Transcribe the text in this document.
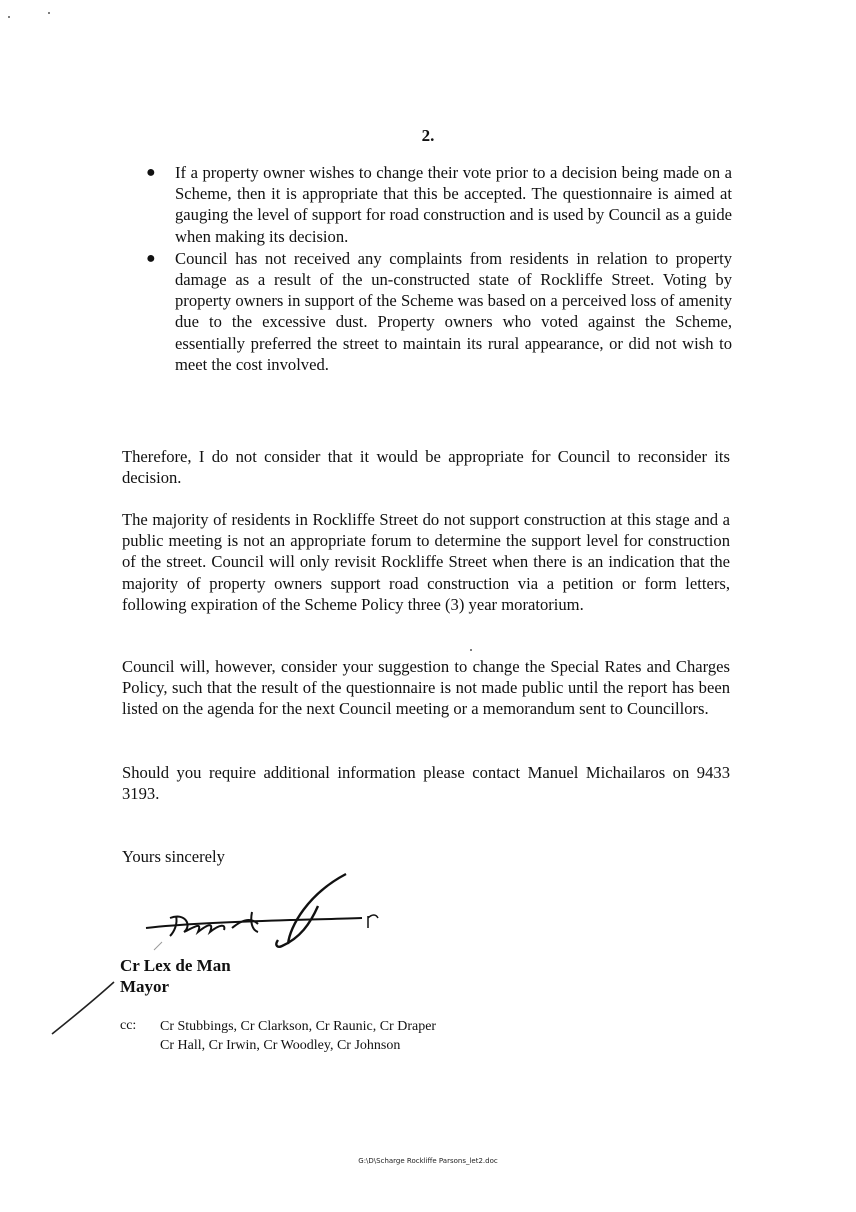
2.
● If a property owner wishes to change their vote prior to a decision being made on a Scheme, then it is appropriate that this be accepted. The questionnaire is aimed at gauging the level of support for road construction and is used by Council as a guide when making its decision.
● Council has not received any complaints from residents in relation to property damage as a result of the un-constructed state of Rockliffe Street. Voting by property owners in support of the Scheme was based on a perceived loss of amenity due to the excessive dust. Property owners who voted against the Scheme, essentially preferred the street to maintain its rural appearance, or did not wish to meet the cost involved.

Therefore, I do not consider that it would be appropriate for Council to reconsider its decision.

The majority of residents in Rockliffe Street do not support construction at this stage and a public meeting is not an appropriate forum to determine the support level for construction of the street. Council will only revisit Rockliffe Street when there is an indication that the majority of property owners support road construction via a petition or form letters, following expiration of the Scheme Policy three (3) year moratorium.

Council will, however, consider your suggestion to change the Special Rates and Charges Policy, such that the result of the questionnaire is not made public until the report has been listed on the agenda for the next Council meeting or a memorandum sent to Councillors.

Should you require additional information please contact Manuel Michailaros on 9433 3193.

Yours sincerely
Cr Lex de Man
Mayor
cc: Cr Stubbings, Cr Clarkson, Cr Raunic, Cr Draper
Cr Hall, Cr Irwin, Cr Woodley, Cr Johnson
G:\D\Scharge Rockliffe Parsons_let2.doc
